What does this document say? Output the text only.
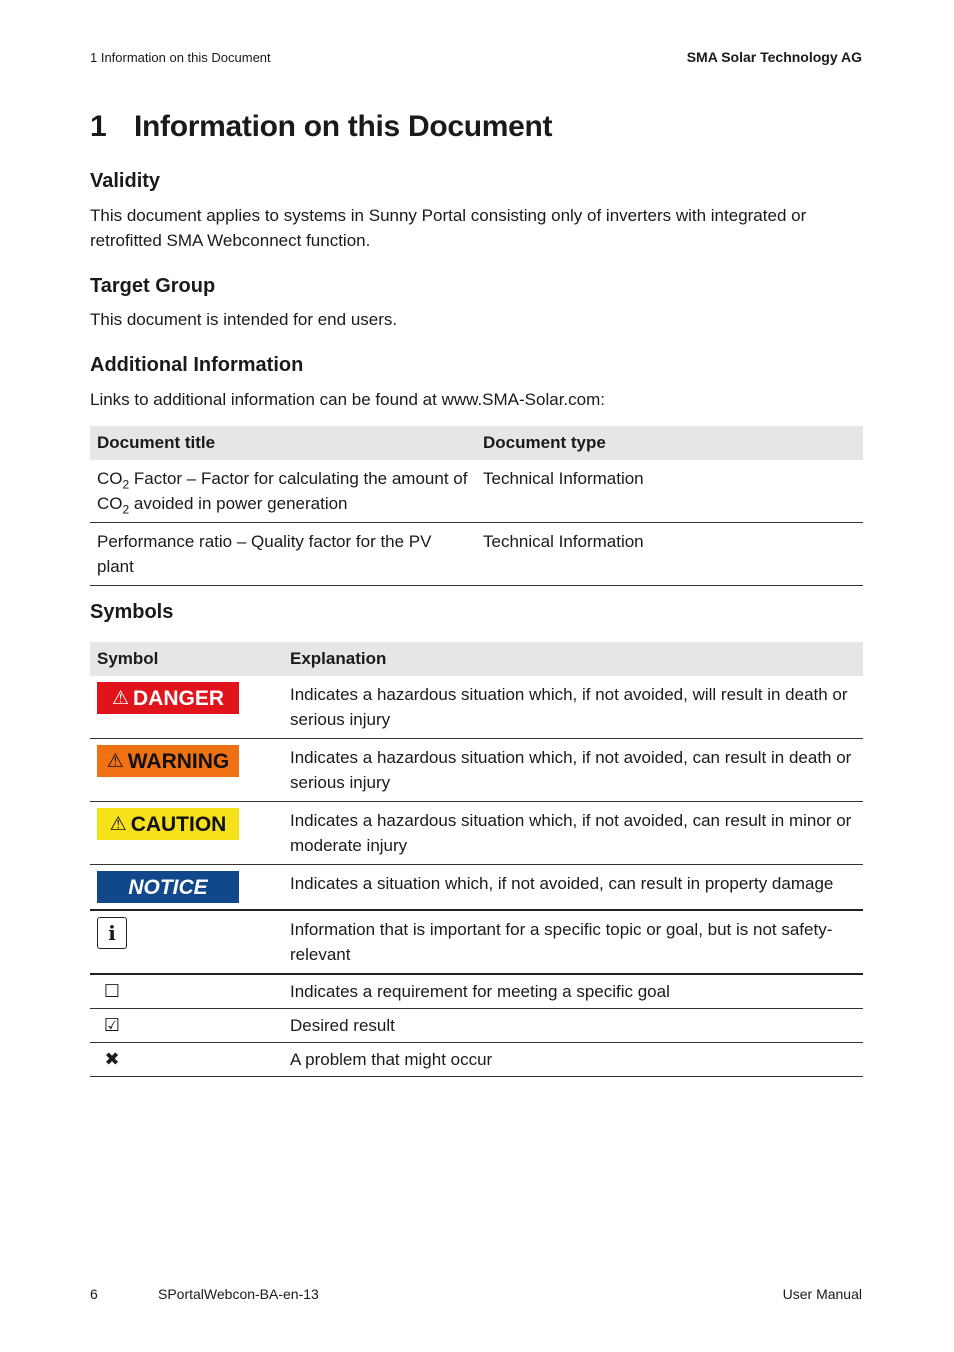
1 Information on this Document	SMA Solar Technology AG
1 Information on this Document
Validity

This document applies to systems in Sunny Portal consisting only of inverters with integrated or retrofitted SMA Webconnect function.

Target Group

This document is intended for end users.

Additional Information

Links to additional information can be found at www.SMA-Solar.com:

Document title	Document type
$CO_2$ Factor – Factor for calculating the amount of $CO_2$ avoided in power generation	Technical Information
Performance ratio – Quality factor for the PV plant	Technical Information
Symbols
Symbol	Explanation

⚠ DANGER	Indicates a hazardous situation which, if not avoided, will result in death or serious injury

⚠ WARNING	Indicates a hazardous situation which, if not avoided, can result in death or serious injury

⚠ CAUTION	Indicates a hazardous situation which, if not avoided, can result in minor or moderate injury
NOTICE	Indicates a situation which, if not avoided, can result in property damage
i	Information that is important for a specific topic or goal, but is not safety-relevant
☐	Indicates a requirement for meeting a specific goal
☑	Desired result
✖	A problem that might occur
6	SPortalWebcon-BA-en-13	User Manual
